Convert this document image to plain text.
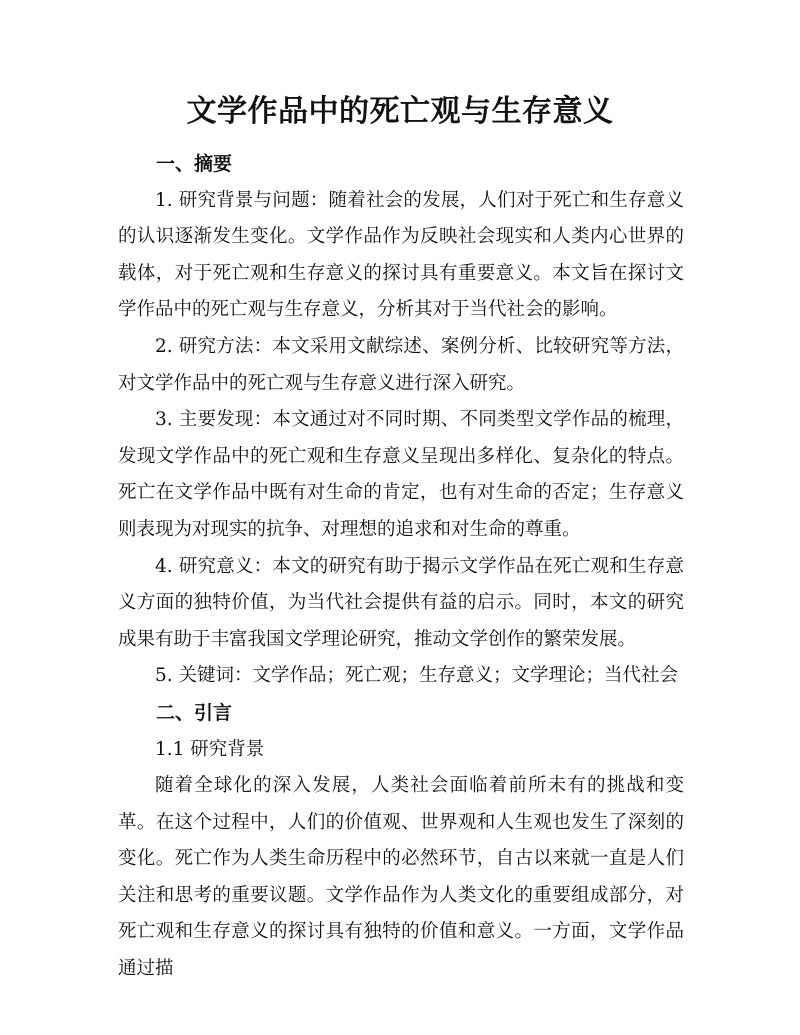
文学作品中的死亡观与生存意义
一、摘要

1. 研究背景与问题：随着社会的发展，人们对于死亡和生存意义的认识逐渐发生变化。文学作品作为反映社会现实和人类内心世界的载体，对于死亡观和生存意义的探讨具有重要意义。本文旨在探讨文学作品中的死亡观与生存意义，分析其对于当代社会的影响。

2. 研究方法：本文采用文献综述、案例分析、比较研究等方法，对文学作品中的死亡观与生存意义进行深入研究。

3. 主要发现：本文通过对不同时期、不同类型文学作品的梳理，发现文学作品中的死亡观和生存意义呈现出多样化、复杂化的特点。死亡在文学作品中既有对生命的肯定，也有对生命的否定；生存意义则表现为对现实的抗争、对理想的追求和对生命的尊重。

4. 研究意义：本文的研究有助于揭示文学作品在死亡观和生存意义方面的独特价值，为当代社会提供有益的启示。同时，本文的研究成果有助于丰富我国文学理论研究，推动文学创作的繁荣发展。

5. 关键词：文学作品；死亡观；生存意义；文学理论；当代社会

二、引言

1.1 研究背景

随着全球化的深入发展，人类社会面临着前所未有的挑战和变革。在这个过程中，人们的价值观、世界观和人生观也发生了深刻的变化。死亡作为人类生命历程中的必然环节，自古以来就一直是人们关注和思考的重要议题。文学作品作为人类文化的重要组成部分，对死亡观和生存意义的探讨具有独特的价值和意义。一方面，文学作品通过描
